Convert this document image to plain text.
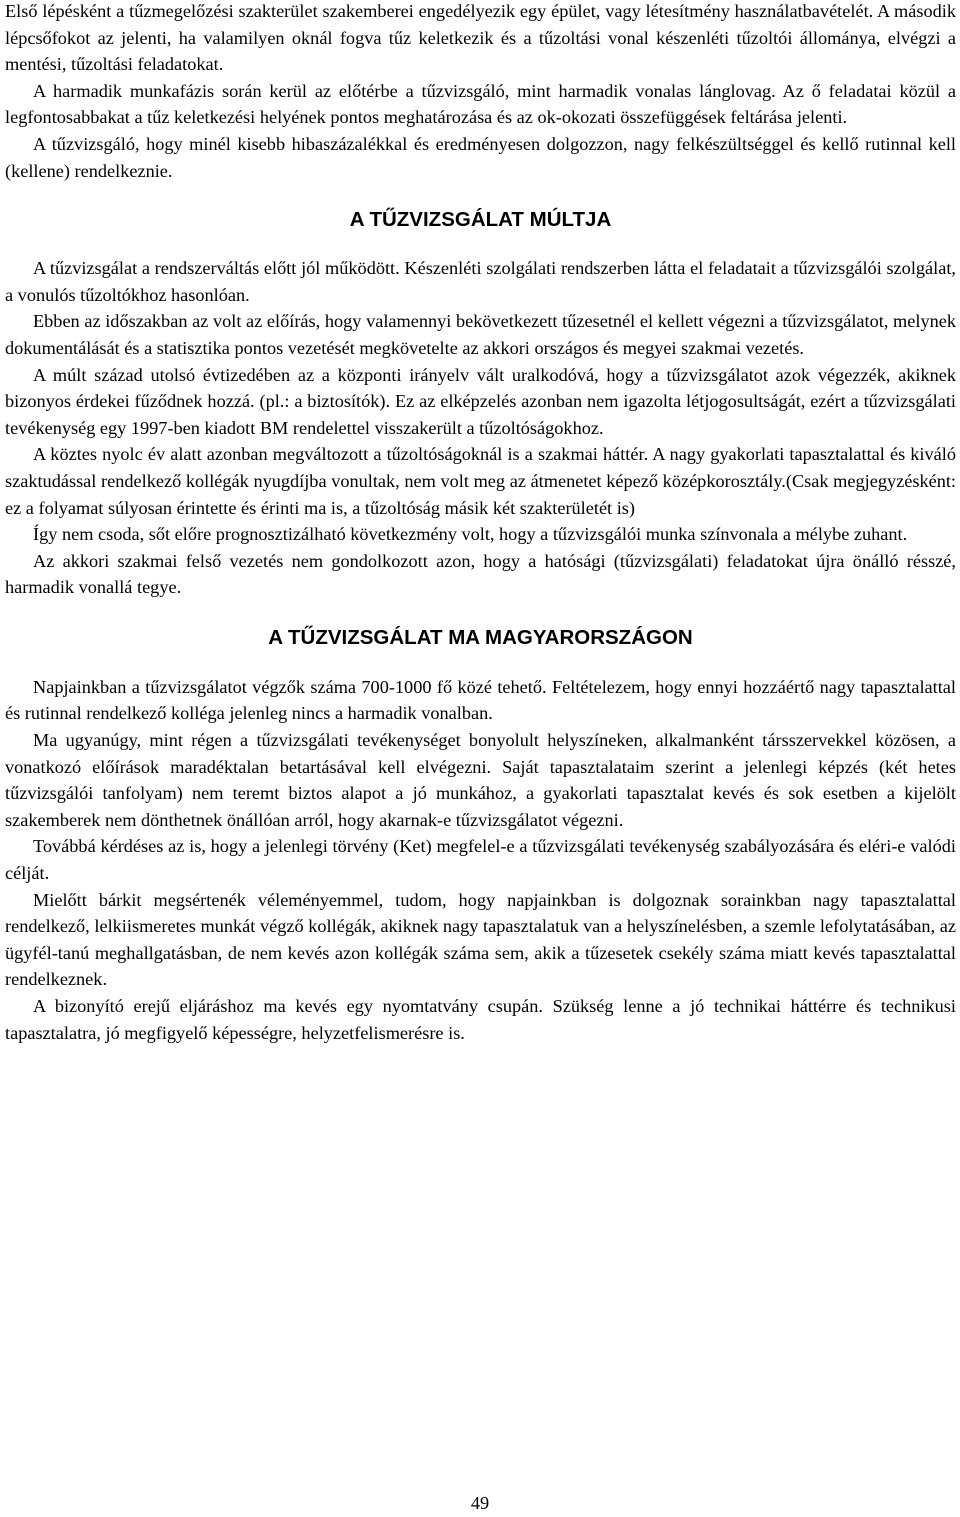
Első lépésként a tűzmegelőzési szakterület szakemberei engedélyezik egy épület, vagy létesítmény használatbavételét. A második lépcsőfokot az jelenti, ha valamilyen oknál fogva tűz keletkezik és a tűzoltási vonal készenléti tűzoltói állománya, elvégzi a mentési, tűzoltási feladatokat.

A harmadik munkafázis során kerül az előtérbe a tűzvizsgáló, mint harmadik vonalas lánglovag. Az ő feladatai közül a legfontosabbakat a tűz keletkezési helyének pontos meghatározása és az ok-okozati összefüggések feltárása jelenti.

A tűzvizsgáló, hogy minél kisebb hibaszázalékkal és eredményesen dolgozzon, nagy felkészültséggel és kellő rutinnal kell (kellene) rendelkeznie.

A TŰZVIZSGÁLAT MÚLTJA

A tűzvizsgálat a rendszerváltás előtt jól működött. Készenléti szolgálati rendszerben látta el feladatait a tűzvizsgálói szolgálat, a vonulós tűzoltókhoz hasonlóan.

Ebben az időszakban az volt az előírás, hogy valamennyi bekövetkezett tűzesetnél el kellett végezni a tűzvizsgálatot, melynek dokumentálását és a statisztika pontos vezetését megkövetelte az akkori országos és megyei szakmai vezetés.

A múlt század utolsó évtizedében az a központi irányelv vált uralkodóvá, hogy a tűzvizsgálatot azok végezzék, akiknek bizonyos érdekei fűződnek hozzá. (pl.: a biztosítók). Ez az elképzelés azonban nem igazolta létjogosultságát, ezért a tűzvizsgálati tevékenység egy 1997-ben kiadott BM rendelettel visszakerült a tűzoltóságokhoz.

A köztes nyolc év alatt azonban megváltozott a tűzoltóságoknál is a szakmai háttér. A nagy gyakorlati tapasztalattal és kiváló szaktudással rendelkező kollégák nyugdíjba vonultak, nem volt meg az átmenetet képező középkorosztály.(Csak megjegyzésként: ez a folyamat súlyosan érintette és érinti ma is, a tűzoltóság másik két szakterületét is)

Így nem csoda, sőt előre prognosztizálható következmény volt, hogy a tűzvizsgálói munka színvonala a mélybe zuhant.

Az akkori szakmai felső vezetés nem gondolkozott azon, hogy a hatósági (tűzvizsgálati) feladatokat újra önálló résszé, harmadik vonallá tegye.

A TŰZVIZSGÁLAT MA MAGYARORSZÁGON

Napjainkban a tűzvizsgálatot végzők száma 700-1000 fő közé tehető. Feltételezem, hogy ennyi hozzáértő nagy tapasztalattal és rutinnal rendelkező kolléga jelenleg nincs a harmadik vonalban.

Ma ugyanúgy, mint régen a tűzvizsgálati tevékenységet bonyolult helyszíneken, alkalmanként társszervekkel közösen, a vonatkozó előírások maradéktalan betartásával kell elvégezni. Saját tapasztalataim szerint a jelenlegi képzés (két hetes tűzvizsgálói tanfolyam) nem teremt biztos alapot a jó munkához, a gyakorlati tapasztalat kevés és sok esetben a kijelölt szakemberek nem dönthetnek önállóan arról, hogy akarnak-e tűzvizsgálatot végezni.

Továbbá kérdéses az is, hogy a jelenlegi törvény (Ket) megfelel-e a tűzvizsgálati tevékenység szabályozására és eléri-e valódi célját.

Mielőtt bárkit megsértenék véleményemmel, tudom, hogy napjainkban is dolgoznak sorainkban nagy tapasztalattal rendelkező, lelkiismeretes munkát végző kollégák, akiknek nagy tapasztalatuk van a helyszínelésben, a szemle lefolytatásában, az ügyfél-tanú meghallgatásban, de nem kevés azon kollégák száma sem, akik a tűzesetek csekély száma miatt kevés tapasztalattal rendelkeznek.

A bizonyító erejű eljáráshoz ma kevés egy nyomtatvány csupán. Szükség lenne a jó technikai háttérre és technikusi tapasztalatra, jó megfigyelő képességre, helyzetfelismerésre is.

49
